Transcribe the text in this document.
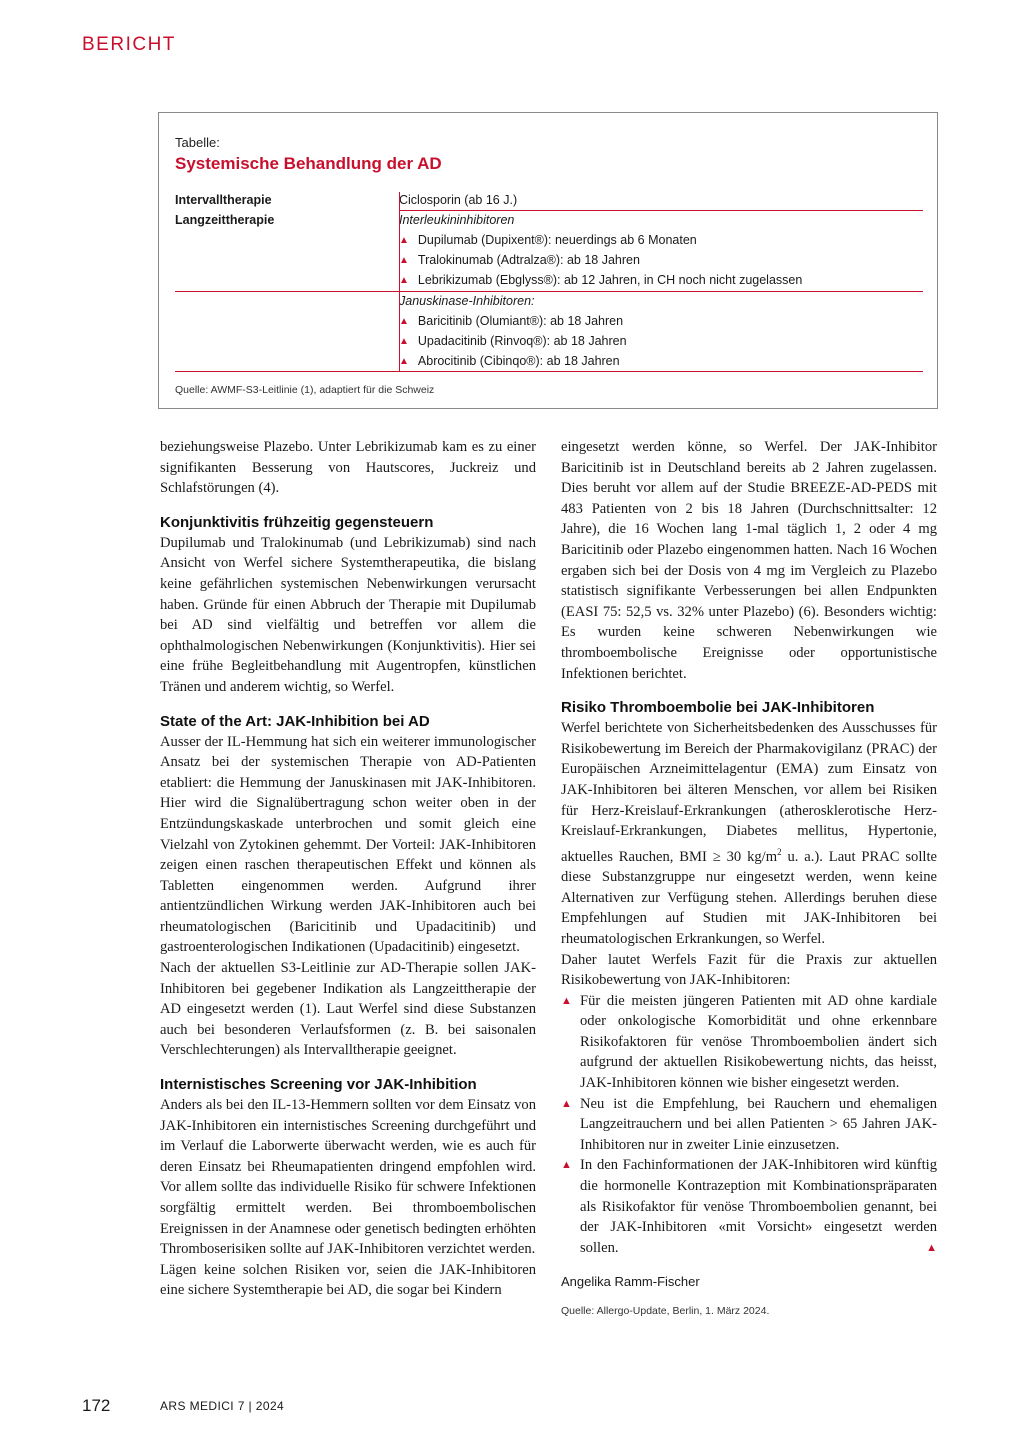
BERICHT
Tabelle:
Systemische Behandlung der AD
Intervalltherapie	Ciclosporin (ab 16 J.)
Langzeittherapie	Interleukininhibitoren
▲ Dupilumab (Dupixent®): neuerdings ab 6 Monaten
▲ Tralokinumab (Adtralza®): ab 18 Jahren
▲ Lebrikizumab (Ebglyss®): ab 12 Jahren, in CH noch nicht zugelassen
Januskinase-Inhibitoren:
▲ Baricitinib (Olumiant®): ab 18 Jahren
▲ Upadacitinib (Rinvoq®): ab 18 Jahren
▲ Abrocitinib (Cibinqo®): ab 18 Jahren
Quelle: AWMF-S3-Leitlinie (1), adaptiert für die Schweiz

beziehungsweise Plazebo. Unter Lebrikizumab kam es zu einer signifikanten Besserung von Hautscores, Juckreiz und Schlafstörungen (4).

Konjunktivitis frühzeitig gegensteuern

Dupilumab und Tralokinumab (und Lebrikizumab) sind nach Ansicht von Werfel sichere Systemtherapeutika, die bislang keine gefährlichen systemischen Nebenwirkungen verursacht haben. Gründe für einen Abbruch der Therapie mit Dupilumab bei AD sind vielfältig und betreffen vor allem die ophthalmologischen Nebenwirkungen (Konjunktivitis). Hier sei eine frühe Begleitbehandlung mit Augentropfen, künstlichen Tränen und anderem wichtig, so Werfel.

State of the Art: JAK-Inhibition bei AD

Ausser der IL-Hemmung hat sich ein weiterer immunologischer Ansatz bei der systemischen Therapie von AD-Patienten etabliert: die Hemmung der Januskinasen mit JAK-Inhibitoren. Hier wird die Signalübertragung schon weiter oben in der Entzündungskaskade unterbrochen und somit gleich eine Vielzahl von Zytokinen gehemmt. Der Vorteil: JAK-Inhibitoren zeigen einen raschen therapeutischen Effekt und können als Tabletten eingenommen werden. Aufgrund ihrer antientzündlichen Wirkung werden JAK-Inhibitoren auch bei rheumatologischen (Baricitinib und Upadacitinib) und gastroenterologischen Indikationen (Upadacitinib) eingesetzt.

Nach der aktuellen S3-Leitlinie zur AD-Therapie sollen JAK-Inhibitoren bei gegebener Indikation als Langzeittherapie der AD eingesetzt werden (1). Laut Werfel sind diese Substanzen auch bei besonderen Verlaufsformen (z. B. bei saisonalen Verschlechterungen) als Intervalltherapie geeignet.

Internistisches Screening vor JAK-Inhibition

Anders als bei den IL-13-Hemmern sollten vor dem Einsatz von JAK-Inhibitoren ein internistisches Screening durchgeführt und im Verlauf die Laborwerte überwacht werden, wie es auch für deren Einsatz bei Rheumapatienten dringend empfohlen wird. Vor allem sollte das individuelle Risiko für schwere Infektionen sorgfältig ermittelt werden. Bei thromboembolischen Ereignissen in der Anamnese oder genetisch bedingten erhöhten Thromboserisiken sollte auf JAK-Inhibitoren verzichtet werden.

Lägen keine solchen Risiken vor, seien die JAK-Inhibitoren eine sichere Systemtherapie bei AD, die sogar bei Kindern

eingesetzt werden könne, so Werfel. Der JAK-Inhibitor Baricitinib ist in Deutschland bereits ab 2 Jahren zugelassen. Dies beruht vor allem auf der Studie BREEZE-AD-PEDS mit 483 Patienten von 2 bis 18 Jahren (Durchschnittsalter: 12 Jahre), die 16 Wochen lang 1-mal täglich 1, 2 oder 4 mg Baricitinib oder Plazebo eingenommen hatten. Nach 16 Wochen ergaben sich bei der Dosis von 4 mg im Vergleich zu Plazebo statistisch signifikante Verbesserungen bei allen Endpunkten (EASI 75: 52,5 vs. 32% unter Plazebo) (6). Besonders wichtig: Es wurden keine schweren Nebenwirkungen wie thromboembolische Ereignisse oder opportunistische Infektionen berichtet.

Risiko Thromboembolie bei JAK-Inhibitoren

Werfel berichtete von Sicherheitsbedenken des Ausschusses für Risikobewertung im Bereich der Pharmakovigilanz (PRAC) der Europäischen Arzneimittelagentur (EMA) zum Einsatz von JAK-Inhibitoren bei älteren Menschen, vor allem bei Risiken für Herz-Kreislauf-Erkrankungen (atherosklerotische Herz-Kreislauf-Erkrankungen, Diabetes mellitus, Hypertonie, aktuelles Rauchen, BMI ≥ 30 $kg/m^2$ u. a.). Laut PRAC sollte diese Substanzgruppe nur eingesetzt werden, wenn keine Alternativen zur Verfügung stehen. Allerdings beruhen diese Empfehlungen auf Studien mit JAK-Inhibitoren bei rheumatologischen Erkrankungen, so Werfel.

Daher lautet Werfels Fazit für die Praxis zur aktuellen Risikobewertung von JAK-Inhibitoren:

▲ Für die meisten jüngeren Patienten mit AD ohne kardiale oder onkologische Komorbidität und ohne erkennbare Risikofaktoren für venöse Thromboembolien ändert sich aufgrund der aktuellen Risikobewertung nichts, das heisst, JAK-Inhibitoren können wie bisher eingesetzt werden.
▲ Neu ist die Empfehlung, bei Rauchern und ehemaligen Langzeitrauchern und bei allen Patienten > 65 Jahren JAK-Inhibitoren nur in zweiter Linie einzusetzen.
▲ In den Fachinformationen der JAK-Inhibitoren wird künftig die hormonelle Kontrazeption mit Kombinationspräparaten als Risikofaktor für venöse Thromboembolien genannt, bei der JAK-Inhibitoren «mit Vorsicht» eingesetzt werden sollen.	▲
Angelika Ramm-Fischer
Quelle: Allergo-Update, Berlin, 1. März 2024.
172	ARS MEDICI 7 | 2024
